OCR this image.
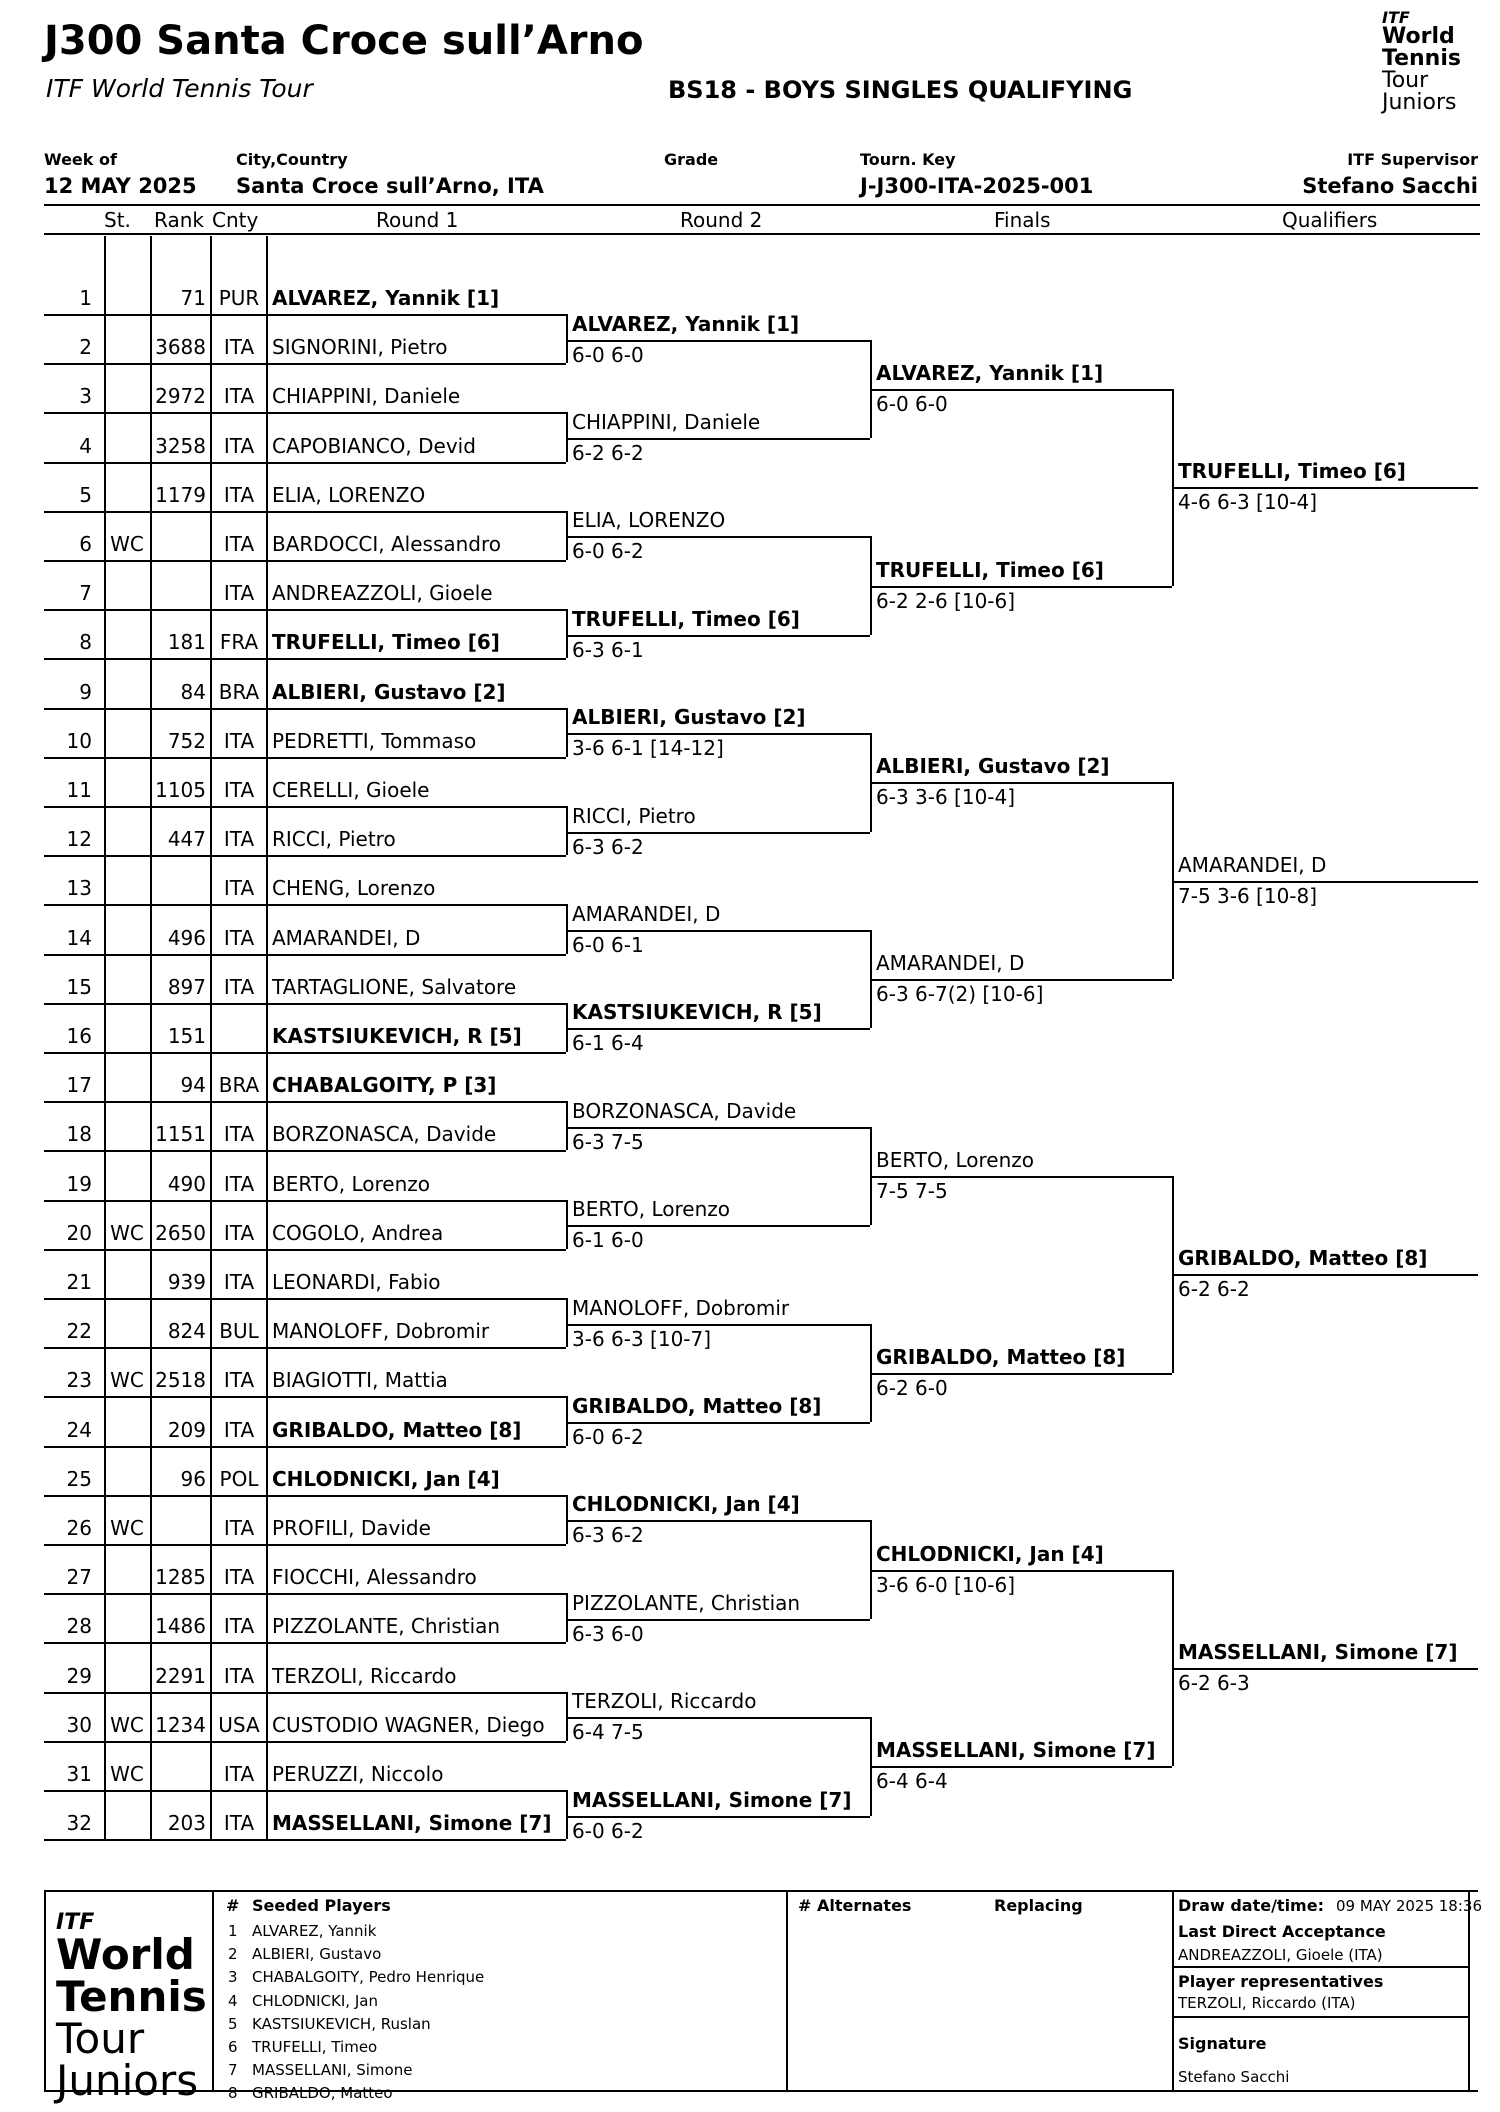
J300 Santa Croce sull’Arno
ITF World Tennis Tour	BS18 - BOYS SINGLES QUALIFYING
ITF
World
Tennis
Tour
Juniors
Week of
12 MAY 2025
City,Country
Santa Croce sull’Arno, ITA
Grade	Tourn. Key
J-J300-ITA-2025-001
ITF Supervisor
Stefano Sacchi
St. Rank Cnty	Round 1	Round 2	Finals	Qualifiers
1	71 PUR ALVAREZ, Yannik [1]
2	3688 ITA SIGNORINI, Pietro
3	2972 ITA CHIAPPINI, Daniele
4	3258 ITA CAPOBIANCO, Devid
5	1179 ITA ELIA, LORENZO
6 WC	ITA BARDOCCI, Alessandro
7	ITA ANDREAZZOLI, Gioele
8	181 FRA TRUFELLI, Timeo [6]
9	84 BRA ALBIERI, Gustavo [2]
10	752 ITA PEDRETTI, Tommaso
11	1105 ITA CERELLI, Gioele
12	447 ITA RICCI, Pietro
13	ITA CHENG, Lorenzo
14	496 ITA AMARANDEI, D
15	897 ITA TARTAGLIONE, Salvatore
16	151	KASTSIUKEVICH, R [5]
17	94 BRA CHABALGOITY, P [3]
18	1151 ITA BORZONASCA, Davide
19	490 ITA BERTO, Lorenzo
20 WC 2650 ITA COGOLO, Andrea
21	939 ITA LEONARDI, Fabio
22	824 BUL MANOLOFF, Dobromir
23 WC 2518 ITA BIAGIOTTI, Mattia
24	209 ITA GRIBALDO, Matteo [8]
25	96 POL CHLODNICKI, Jan [4]
26 WC	ITA PROFILI, Davide
27	1285 ITA FIOCCHI, Alessandro
28	1486 ITA PIZZOLANTE, Christian
29	2291 ITA TERZOLI, Riccardo
30 WC 1234 USA CUSTODIO WAGNER, Diego
31 WC	ITA PERUZZI, Niccolo
32	203 ITA MASSELLANI, Simone [7]
ALVAREZ, Yannik [1]
6-0 6-0
CHIAPPINI, Daniele
6-2 6-2
ELIA, LORENZO
6-0 6-2
TRUFELLI, Timeo [6]
6-3 6-1
ALBIERI, Gustavo [2]
3-6 6-1 [14-12]
RICCI, Pietro
6-3 6-2
AMARANDEI, D
6-0 6-1
KASTSIUKEVICH, R [5]
6-1 6-4
BORZONASCA, Davide
6-3 7-5
BERTO, Lorenzo
6-1 6-0
MANOLOFF, Dobromir
3-6 6-3 [10-7]
GRIBALDO, Matteo [8]
6-0 6-2
CHLODNICKI, Jan [4]
6-3 6-2
PIZZOLANTE, Christian
6-3 6-0
TERZOLI, Riccardo
6-4 7-5
MASSELLANI, Simone [7]
6-0 6-2
ALVAREZ, Yannik [1]
6-0 6-0
TRUFELLI, Timeo [6]
6-2 2-6 [10-6]
ALBIERI, Gustavo [2]
6-3 3-6 [10-4]
AMARANDEI, D
6-3 6-7(2) [10-6]
BERTO, Lorenzo
7-5 7-5
GRIBALDO, Matteo [8]
6-2 6-0
CHLODNICKI, Jan [4]
3-6 6-0 [10-6]
MASSELLANI, Simone [7]
6-4 6-4
TRUFELLI, Timeo [6]
4-6 6-3 [10-4]
AMARANDEI, D
7-5 3-6 [10-8]
GRIBALDO, Matteo [8]
6-2 6-2
MASSELLANI, Simone [7]
6-2 6-3
ITF
World
Tennis
Tour
Juniors
# Seeded Players
1 ALVAREZ, Yannik
2 ALBIERI, Gustavo
3 CHABALGOITY, Pedro Henrique
4 CHLODNICKI, Jan
5 KASTSIUKEVICH, Ruslan
6 TRUFELLI, Timeo
7 MASSELLANI, Simone
8 GRIBALDO, Matteo
# Alternates	Replacing	Draw date/time: 09 MAY 2025 18:36
Last Direct Acceptance
ANDREAZZOLI, Gioele (ITA)
Player representatives
TERZOLI, Riccardo (ITA)
Signature
Stefano Sacchi
